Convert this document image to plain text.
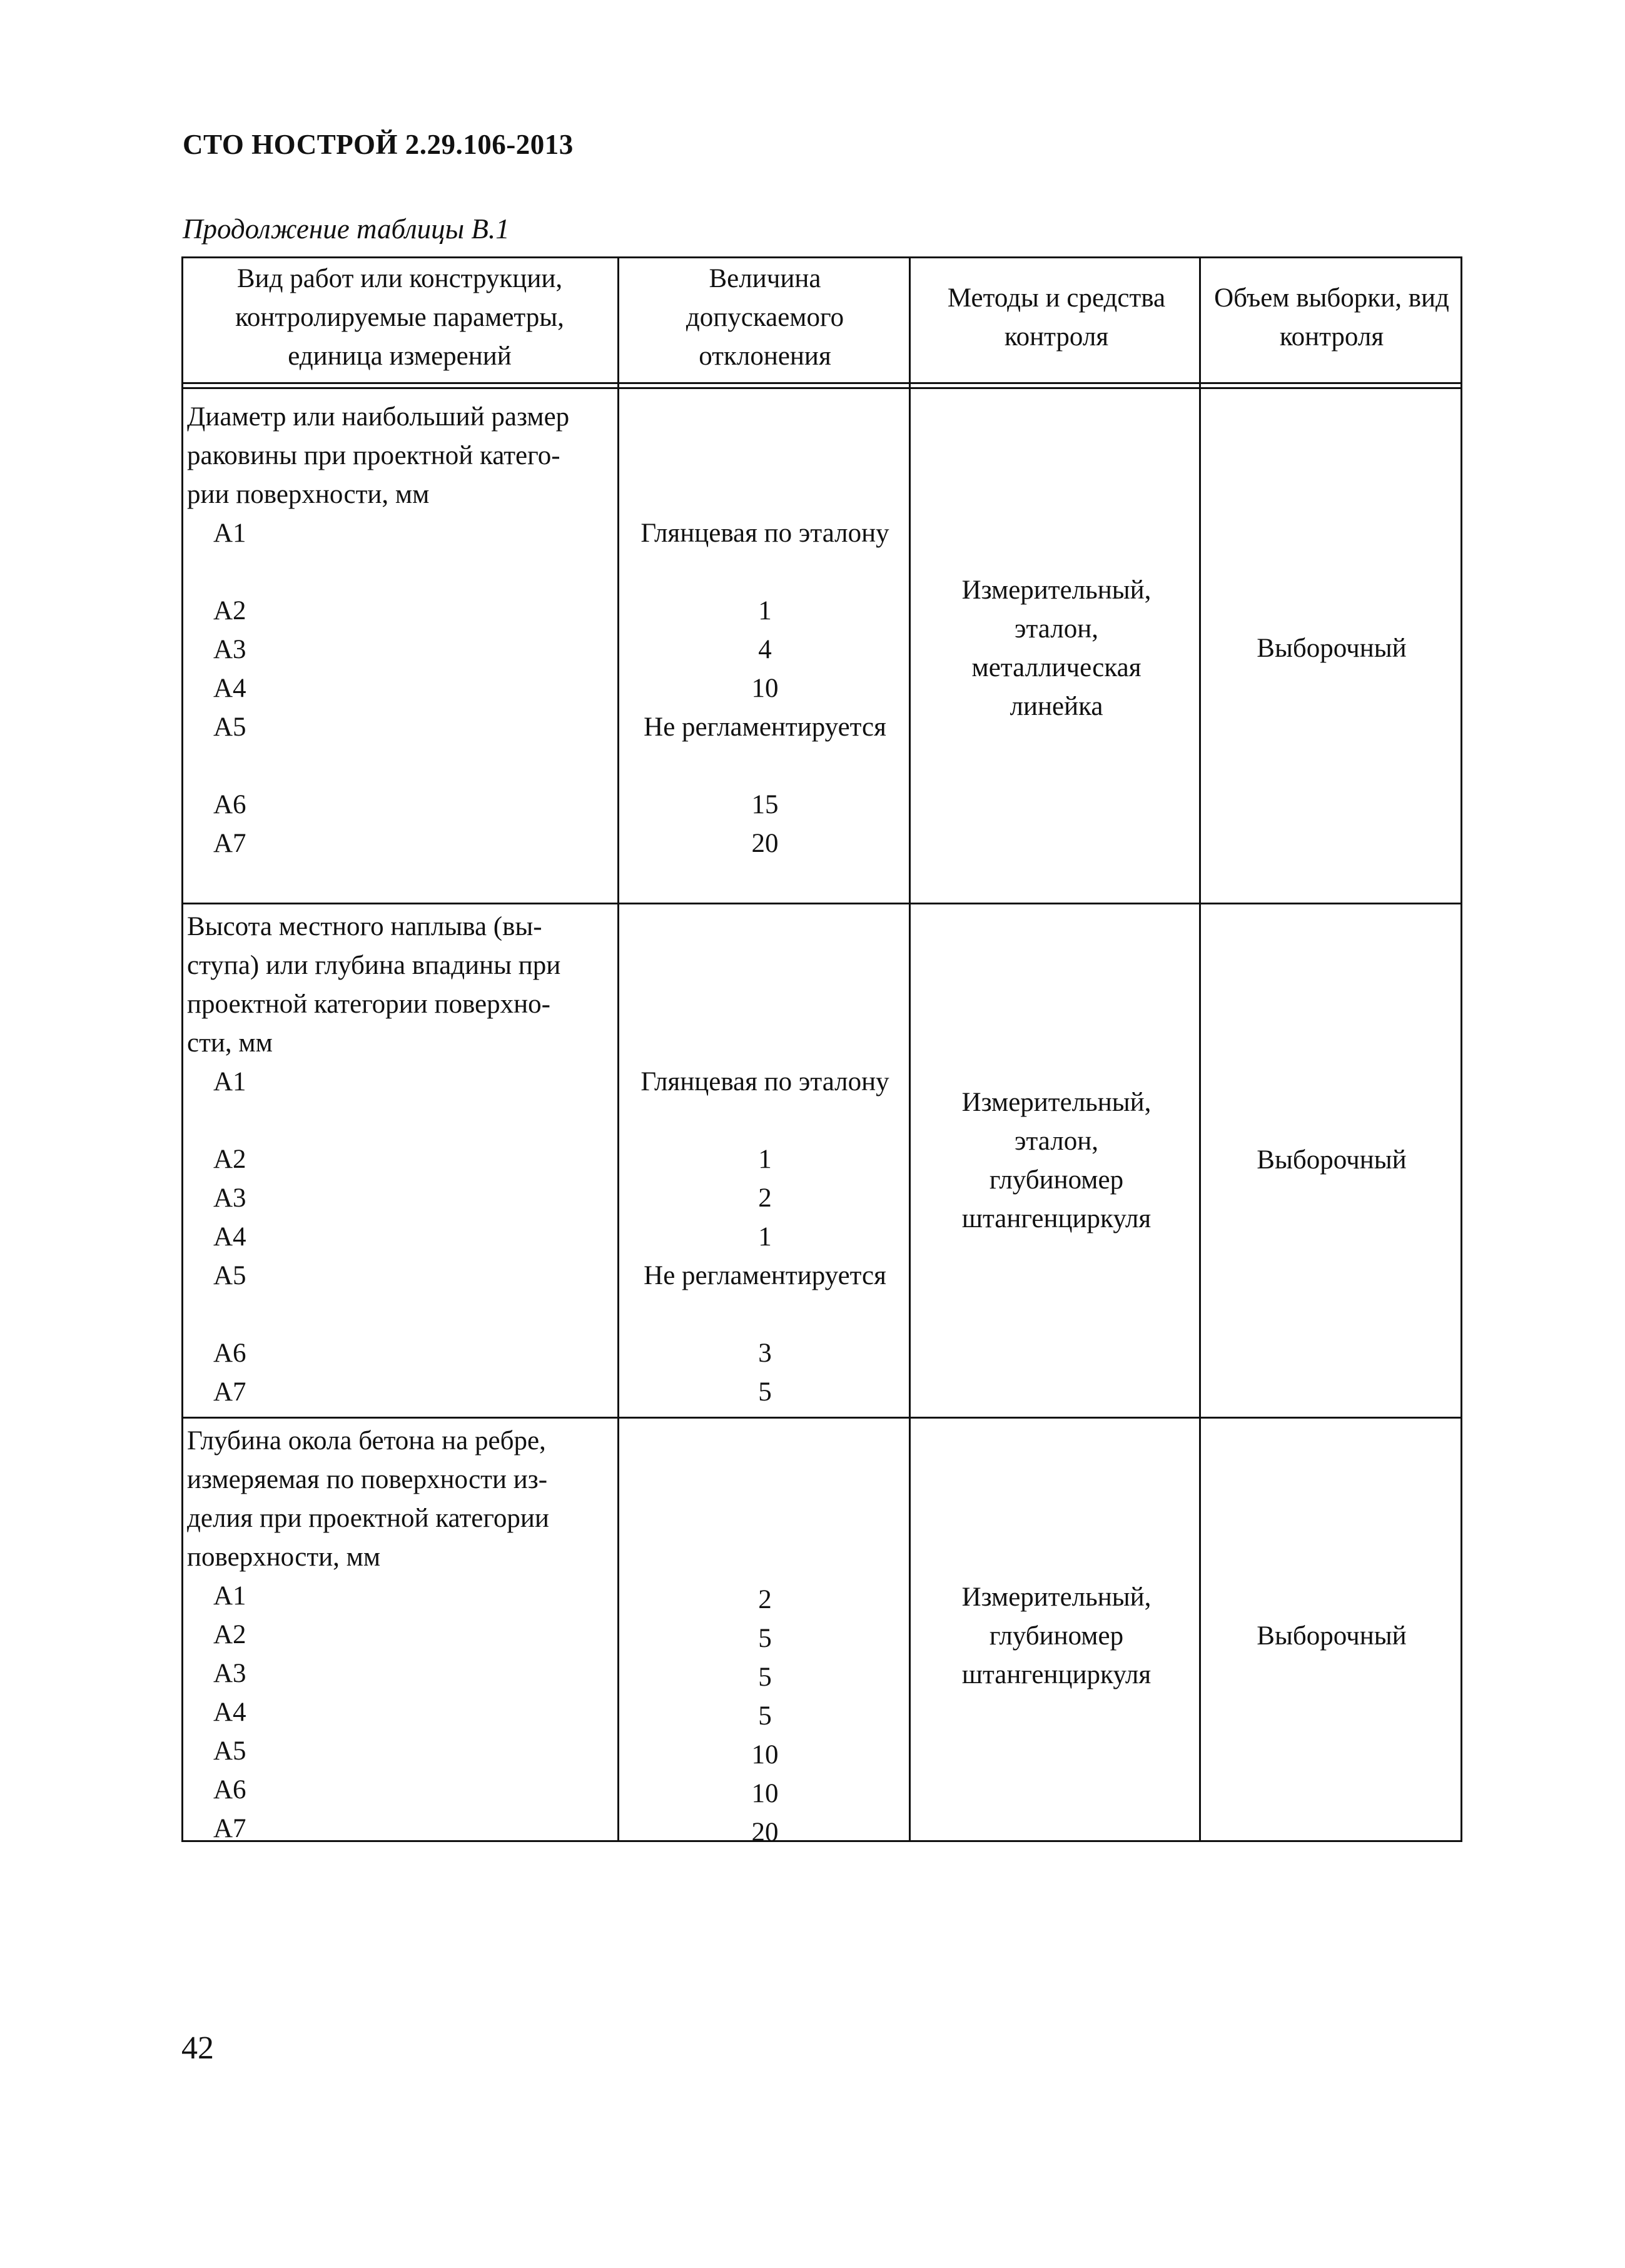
СТО НОСТРОЙ 2.29.106-2013
Продолжение таблицы В.1
Вид работ или конструкции,
контролируемые параметры,
единица измерений
Величина
допускаемого
отклонения
Методы и средства
контроля
Объем выборки, вид
контроля
Диаметр или наибольший размер
раковины при проектной катего-
рии поверхности, мм
А1
А2
А3
А4
А5
А6
А7
Глянцевая по эталону
1
4
10
Не регламентируется
15
20
Измерительный,
эталон,
металлическая
линейка
Выборочный
Высота местного наплыва (вы-
ступа) или глубина впадины при
проектной категории поверхно-
сти, мм
А1
А2
А3
А4
А5
А6
А7
Глянцевая по эталону
1
2
1
Не регламентируется
3
5
Измерительный,
эталон,
глубиномер
штангенциркуля
Выборочный
Глубина окола бетона на ребре,
измеряемая по поверхности из-
делия при проектной категории
поверхности, мм
А1
А2
А3
А4
А5
А6
А7
2
5
5
5
10
10
20
Измерительный,
глубиномер
штангенциркуля
Выборочный
42
